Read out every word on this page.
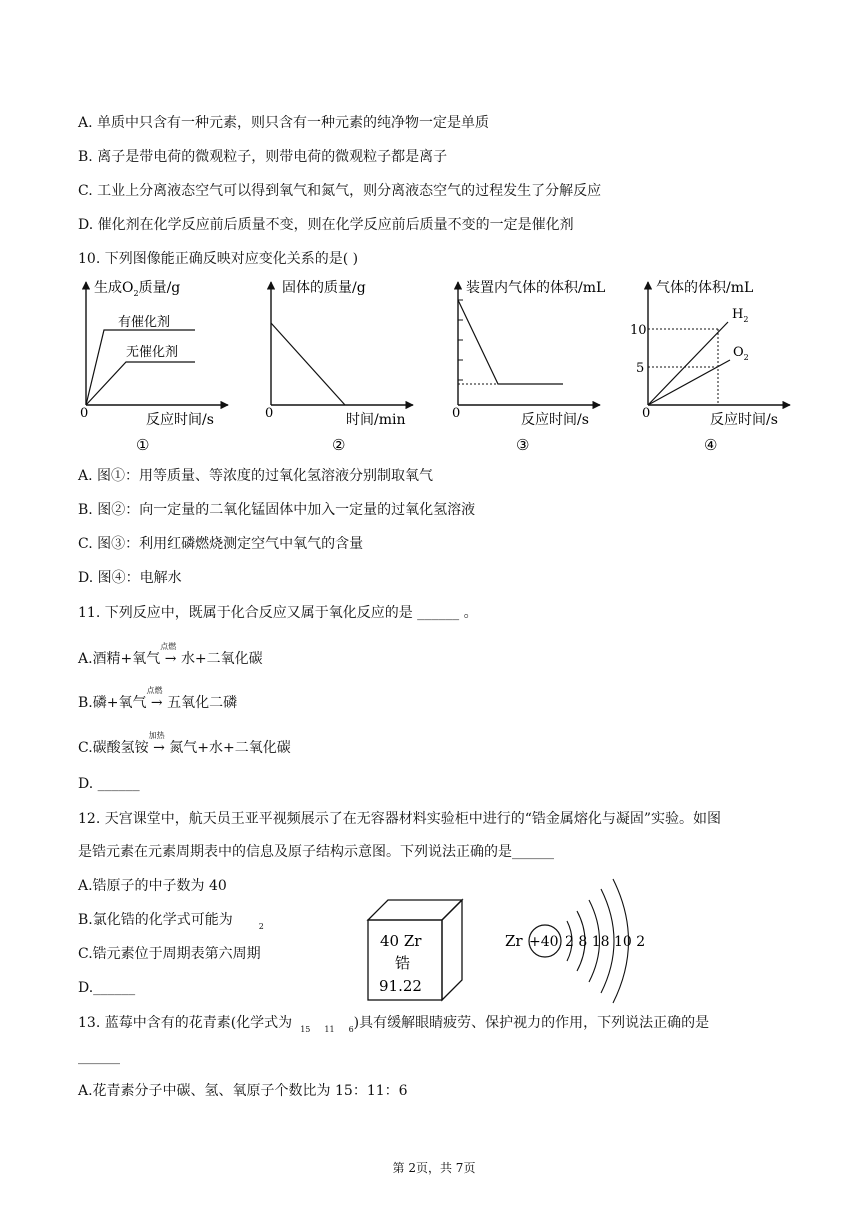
A. 单质中只含有一种元素，则只含有一种元素的纯净物一定是单质
B. 离子是带电荷的微观粒子，则带电荷的微观粒子都是离子
C. 工业上分离液态空气可以得到氧气和氮气，则分离液态空气的过程发生了分解反应
D. 催化剂在化学反应前后质量不变，则在化学反应前后质量不变的一定是催化剂
10. 下列图像能正确反映对应变化关系的是( )
生成$O_2$质量/g
有催化剂
无催化剂
0	反应时间/s
①
固体的质量/g
0	时间/min
②
装置内气体的体积/mL
0	反应时间/s
③
气体的体积/mL
10
5
$H_2$
$O_2$
0	反应时间/s
④
A. 图①：用等质量、等浓度的过氧化氢溶液分别制取氧气
B. 图②：向一定量的二氧化锰固体中加入一定量的过氧化氢溶液
C. 图③：利用红磷燃烧测定空气中氧气的含量
D. 图④：电解水
11. 下列反应中，既属于化合反应又属于氧化反应的是 ______ 。
A.酒精+氧气
点燃
→ 水+二氧化碳
B.磷+氧气
点燃
→ 五氧化二磷
C.碳酸氢铵
加热
→ 氮气+水+二氧化碳
D. ______
12. 天宫课堂中，航天员王亚平视频展示了在无容器材料实验柜中进行的“锆金属熔化与凝固”实验。如图
是锆元素在元素周期表中的信息及原子结构示意图。下列说法正确的是______
A.锆原子的中子数为 40
B.氯化锆的化学式可能为	$_2$
C.锆元素位于周期表第六周期
D.______
40 Zr
锆
91.22
Zr +40 2 8 18 10 2
13. 蓝莓中含有的花青素(化学式为 $_{15}$ $_{11}$ $_6$)具有缓解眼睛疲劳、保护视力的作用，下列说法正确的是
______
A.花青素分子中碳、氢、氧原子个数比为 15：11：6
第 2页，共 7页
